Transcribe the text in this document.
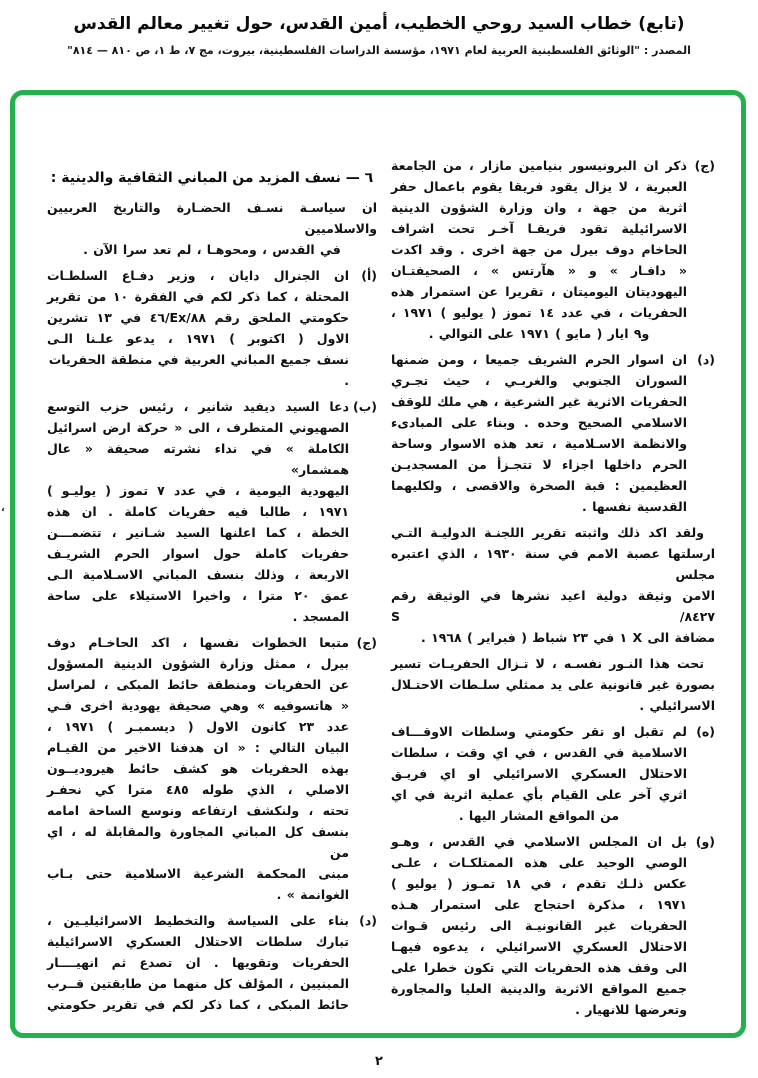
(تابع) خطاب السيد روحي الخطيب، أمين القدس، حول تغيير معالم القدس
المصدر : "الوثائق الفلسطينية العربية لعام ١٩٧١، مؤسسة الدراسات الفلسطينية، بيروت، مج ٧، ط ١، ص ٨١٠ — ٨١٤"
(ج)
ذكر ان البرونيسور بنيامين مازار ، من الجامعة
العبرية ، لا يزال يقود فريقا يقوم باعمال حفر
اثرية من جهة ، وان وزارة الشؤون الدينية
الاسرائيلية تقود فريقـا آخـر تحت اشراف
الحاخام دوف بيرل من جهة اخرى . وقد اكدت
« دافـار » و « هآرتس » ، الصحيفتـان
اليهوديتان اليوميتان ، تقريرا عن استمرار هذه
الحفريات ، في عدد ١٤ تموز ( يوليو ) ١٩٧١ ،
و٩ ايار ( مايو ) ١٩٧١ على التوالي .
(د)
ان اسوار الحرم الشريف جميعا ، ومن ضمنها
السوران الجنوبي والغربـي ، حيث تجـري
الحفريات الاثرية غير الشرعية ، هي ملك للوقف
الاسلامي الصحيح وحده . وبناء على المبادىء
والانظمة الاسـلامية ، تعد هذه الاسوار وساحة
الحرم داخلها اجزاء لا تتجـزأ من المسجديـن
العظيمين : قبة الصخرة والاقصى ، ولكليهما
القدسية نفسها .
ولقد اكد ذلك واثبته تقرير اللجنـة الدوليـة التـي
ارسلتها عصبة الامم في سنة ١٩٣٠ ، الذي اعتبره مجلس
الامن وثيقة دولية اعيد نشرها في الوثيقة رقم ٨٤٢٧/ S
مضافة الى X ١ في ٢٣ شباط ( فبراير ) ١٩٦٨ .
تحت هذا النـور نفسـه ، لا تـزال الحفريـات تسير
بصورة غير قانونية على يد ممثلي سلـطات الاحتـلال
الاسرائيلي .
(ه)
لم تقبل او تقر حكومتي وسلطات الاوقـــاف
الاسلامية في القدس ، في اي وقت ، سلطات
الاحتلال العسكري الاسرائيلي او اي فريـق
اثري آخر على القيام بأي عملية اثرية في اي
من المواقع المشار اليها .
(و)
بل ان المجلس الاسلامي في القدس ، وهـو
الوصي الوحيد على هذه الممتلكـات ، علـى
عكس ذلـك تقدم ، في ١٨ تمـوز ( يوليو )
١٩٧١ ، مذكرة احتجاج على استمرار هـذه
الحفريات غير القانونيـة الى رئيس قـوات
الاحتلال العسكري الاسرائيلي ، يدعوه فيهـا
الى وقف هذه الحفريات التي تكون خطرا على
جميع المواقع الاثرية والدينية العليا والمجاورة
وتعرضها للانهيار .
٦ — نسف المزيد من المباني الثقافية والدينية :
ان سياسـة نسـف الحضـارة والتاريخ العربيين والاسلاميين
في القدس ، ومحوهـا ، لم تعد سرا الآن .
(أ)
ان الجنرال دايان ، وزير دفـاع السلطـات
المحتلة ، كما ذكر لكم في الفقرة ١٠ من تقرير
حكومتي الملحق رقم ٨٨/Ex/٤٦ في ١٣ تشرين
الاول ( اكتوبر ) ١٩٧١ ، يدعو علـنا الـى
نسف جميع المباني العربية في منطقة الحفريات .
(ب)
دعا السيد ديفيد شانير ، رئيس حزب التوسع
الصهيوني المتطرف ، الى « حركة ارض اسرائيل
الكاملة » في نداء نشرته صحيفة « عال همشمار»
اليهودية اليومية ، في عدد ٧ تموز ( يوليـو )
١٩٧١ ، طالبا فيه حفريات كاملة . ان هذه
الخطة ، كما اعلنها السيد شـانير ، تتضمـــن
حفريات كاملة حول اسوار الحرم الشريـف
الاربعة ، وذلك بنسف المباني الاسـلامية الـى
عمق ٢٠ مترا ، واخيرا الاستيلاء على ساحة
المسجد .
(ج)
متبعا الخطوات نفسها ، اكد الحاخـام دوف
بيرل ، ممثل وزارة الشؤون الدينية المسؤول
عن الحفريات ومنطقة حائط المبكى ، لمراسل
« هاتسوفيه » وهي صحيفة يهودية اخرى فـي
عدد ٢٣ كانون الاول ( ديسمبـر ) ١٩٧١ ،
البيان التالي : « ان هدفنا الاخير من القيـام
بهذه الحفريات هو كشف حائط هيروديــون
الاصلي ، الذي طوله ٤٨٥ مترا كي نحفـر
تحته ، ولنكشف ارتفاعه ونوسع الساحة امامه
بنسف كل المباني المجاورة والمقابلة له ، اي من
مبنى المحكمة الشرعية الاسلامية حتى بـاب
الغوانمة » .
(د)
بناء على السياسة والتخطيط الاسرائيليـين ،
تبارك سلطات الاحتلال العسكري الاسرائيلية
الحفريات وتقويها . ان تصدع ثم انهيــــار
المبنيين ، المؤلف كل منهما من طابقتين قــرب
حائط المبكى ، كما ذكر لكم في تقرير حكومتي
،
٢
